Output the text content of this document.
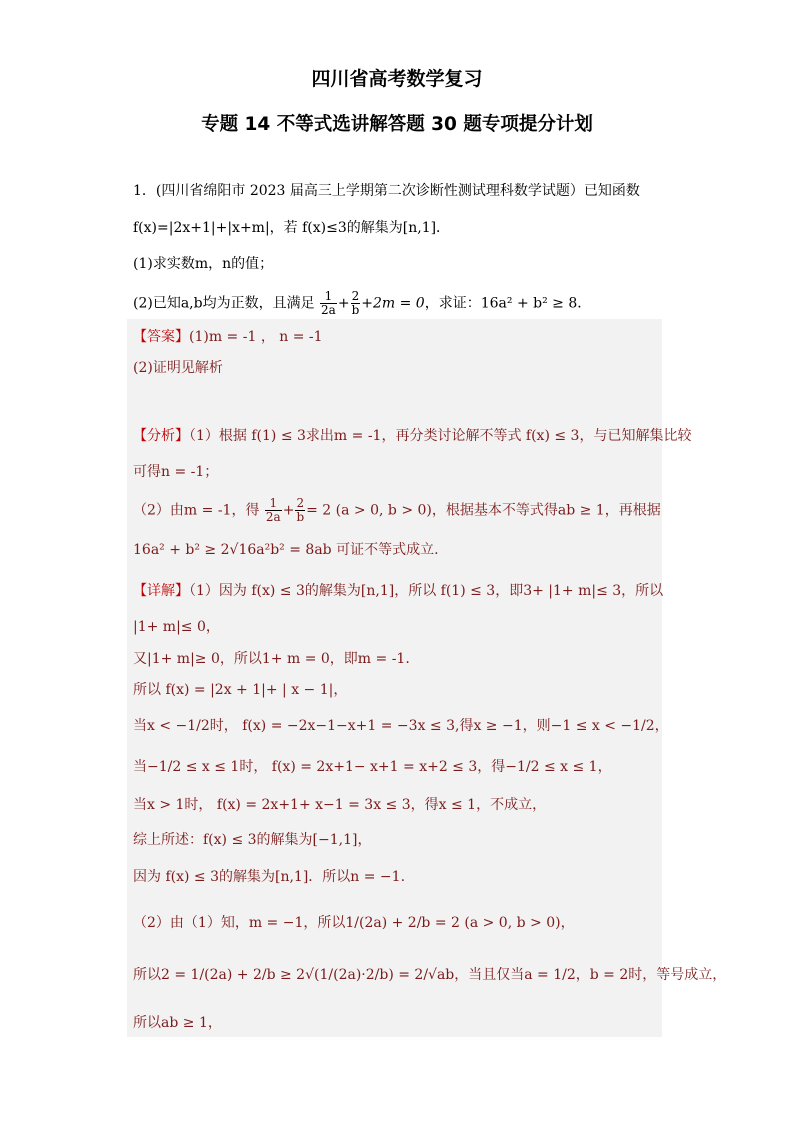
四川省高考数学复习
专题 14 不等式选讲解答题 30 题专项提分计划
1．(四川省绵阳市 2023 届高三上学期第二次诊断性测试理科数学试题）已知函数
f(x)=|2x+1|+|x+m|，若 f(x)≤3的解集为[n,1]．
(1)求实数m，n的值；
(2)已知a,b均为正数，且满足 $\frac{1}{2a} + \frac{2}{b} +2m = 0$，求证：16a² + b² ≥ 8．
【答案】(1)m = -1 ， n = -1
(2)证明见解析
【分析】（1）根据 f(1) ≤ 3求出m = -1，再分类讨论解不等式 f(x) ≤ 3，与已知解集比较
可得n = -1；
（2）由m = -1，得 $\frac{1}{2a} + \frac{2}{b} = 2$ (a > 0, b > 0)，根据基本不等式得ab ≥ 1，再根据
16a² + b² ≥ 2√16a²b² = 8ab 可证不等式成立.
【详解】（1）因为 f(x) ≤ 3的解集为[n,1]，所以 f(1) ≤ 3，即3+ |1+ m|≤ 3，所以
|1+ m|≤ 0，
又|1+ m|≥ 0，所以1+ m = 0，即m = -1.
所以 f(x) = |2x + 1|+ | x − 1|，
当x < −1/2时， f(x) = −2x−1−x+1 = −3x ≤ 3,得x ≥ −1，则−1 ≤ x < −1/2，
当−1/2 ≤ x ≤ 1时， f(x) = 2x+1− x+1 = x+2 ≤ 3，得−1/2 ≤ x ≤ 1，
当x > 1时， f(x) = 2x+1+ x−1 = 3x ≤ 3，得x ≤ 1，不成立，
综上所述：f(x) ≤ 3的解集为[−1,1]，
因为 f(x) ≤ 3的解集为[n,1]．所以n = −1.
（2）由（1）知，m = −1，所以1/(2a) + 2/b = 2 (a > 0, b > 0)，
所以2 = 1/(2a) + 2/b ≥ 2√(1/(2a)·2/b) = 2/√ab，当且仅当a = 1/2，b = 2时，等号成立，
所以ab ≥ 1，
